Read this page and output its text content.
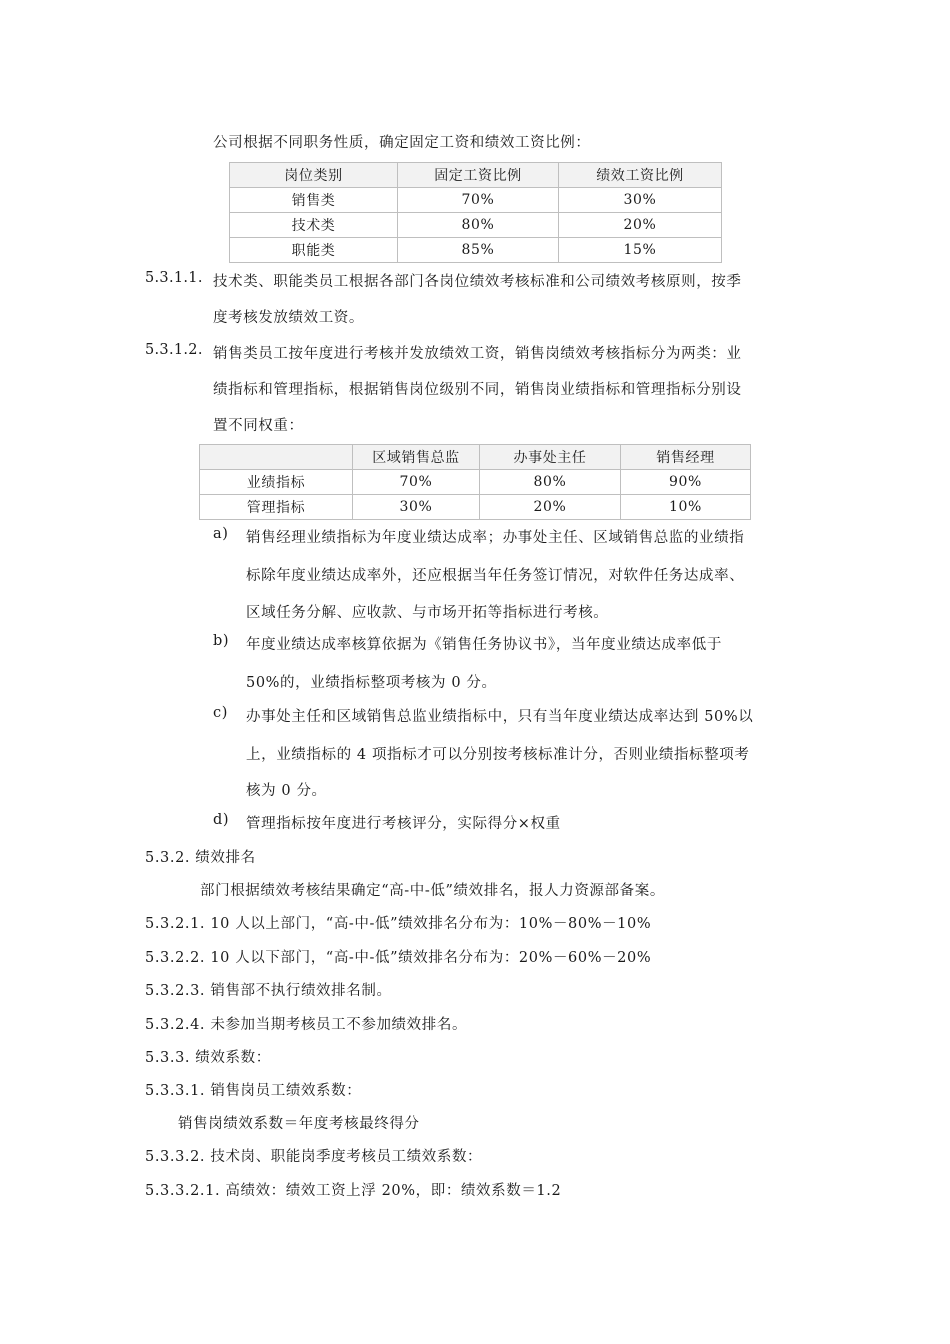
公司根据不同职务性质，确定固定工资和绩效工资比例：
岗位类别	固定工资比例	绩效工资比例
销售类	70%	30%
技术类	80%	20%
职能类	85%	15%
5.3.1.1. 技术类、职能类员工根据各部门各岗位绩效考核标准和公司绩效考核原则，按季
度考核发放绩效工资。
5.3.1.2. 销售类员工按年度进行考核并发放绩效工资，销售岗绩效考核指标分为两类：业
绩指标和管理指标，根据销售岗位级别不同，销售岗业绩指标和管理指标分别设
置不同权重：
	区域销售总监	办事处主任	销售经理
业绩指标	70%	80%	90%
管理指标	30%	20%	10%
a) 销售经理业绩指标为年度业绩达成率；办事处主任、区域销售总监的业绩指
标除年度业绩达成率外，还应根据当年任务签订情况，对软件任务达成率、
区域任务分解、应收款、与市场开拓等指标进行考核。
b) 年度业绩达成率核算依据为《销售任务协议书》，当年度业绩达成率低于
50%的，业绩指标整项考核为 0 分。
c) 办事处主任和区域销售总监业绩指标中，只有当年度业绩达成率达到 50%以
上，业绩指标的 4 项指标才可以分别按考核标准计分，否则业绩指标整项考
核为 0 分。
d) 管理指标按年度进行考核评分，实际得分×权重
5.3.2. 绩效排名
部门根据绩效考核结果确定“高-中-低”绩效排名，报人力资源部备案。
5.3.2.1. 10 人以上部门，“高-中-低”绩效排名分布为：10%－80%－10%
5.3.2.2. 10 人以下部门，“高-中-低”绩效排名分布为：20%－60%－20%
5.3.2.3. 销售部不执行绩效排名制。
5.3.2.4. 未参加当期考核员工不参加绩效排名。
5.3.3. 绩效系数：
5.3.3.1. 销售岗员工绩效系数：
销售岗绩效系数＝年度考核最终得分
5.3.3.2. 技术岗、职能岗季度考核员工绩效系数：
5.3.3.2.1. 高绩效：绩效工资上浮 20%，即：绩效系数＝1.2
